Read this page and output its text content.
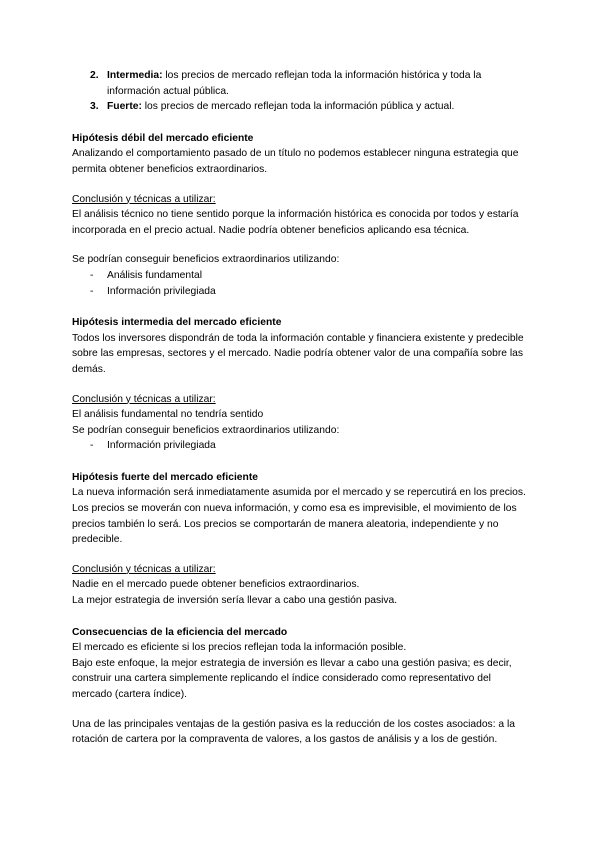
2. Intermedia: los precios de mercado reflejan toda la información histórica y toda la información actual pública.
3. Fuerte: los precios de mercado reflejan toda la información pública y actual.

Hipótesis débil del mercado eficiente

Analizando el comportamiento pasado de un título no podemos establecer ninguna estrategia que permita obtener beneficios extraordinarios.

Conclusión y técnicas a utilizar:

El análisis técnico no tiene sentido porque la información histórica es conocida por todos y estaría incorporada en el precio actual. Nadie podría obtener beneficios aplicando esa técnica.

Se podrían conseguir beneficios extraordinarios utilizando:

- Análisis fundamental
- Información privilegiada

Hipótesis intermedia del mercado eficiente

Todos los inversores dispondrán de toda la información contable y financiera existente y predecible sobre las empresas, sectores y el mercado. Nadie podría obtener valor de una compañía sobre las demás.

Conclusión y técnicas a utilizar:

El análisis fundamental no tendría sentido

Se podrían conseguir beneficios extraordinarios utilizando:

- Información privilegiada

Hipótesis fuerte del mercado eficiente

La nueva información será inmediatamente asumida por el mercado y se repercutirá en los precios.

Los precios se moverán con nueva información, y como esa es imprevisible, el movimiento de los precios también lo será. Los precios se comportarán de manera aleatoria, independiente y no predecible.

Conclusión y técnicas a utilizar:

Nadie en el mercado puede obtener beneficios extraordinarios.

La mejor estrategia de inversión sería llevar a cabo una gestión pasiva.

Consecuencias de la eficiencia del mercado

El mercado es eficiente si los precios reflejan toda la información posible.

Bajo este enfoque, la mejor estrategia de inversión es llevar a cabo una gestión pasiva; es decir, construir una cartera simplemente replicando el índice considerado como representativo del mercado (cartera índice).

Una de las principales ventajas de la gestión pasiva es la reducción de los costes asociados: a la rotación de cartera por la compraventa de valores, a los gastos de análisis y a los de gestión.
